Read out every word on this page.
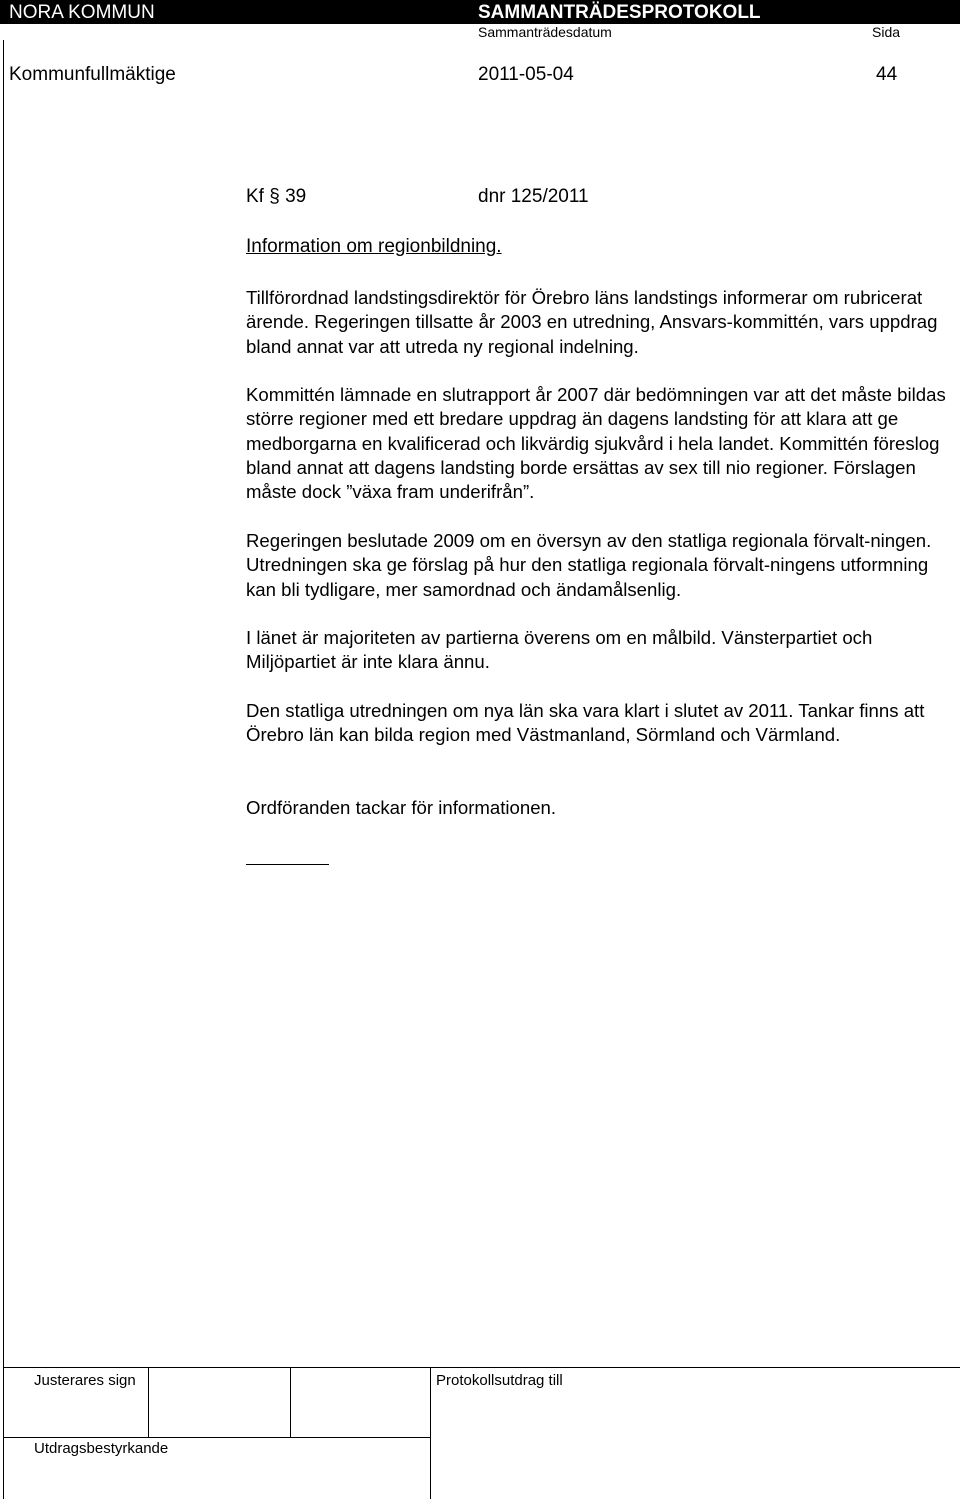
NORA KOMMUN	SAMMANTRÄDESPROTOKOLL
Sammanträdesdatum	Sida
Kommunfullmäktige	2011-05-04	44
Kf § 39	dnr 125/2011
Information om regionbildning.
Tillförordnad landstingsdirektör för Örebro läns landstings informerar om rubricerat ärende. Regeringen tillsatte år 2003 en utredning, Ansvars-kommittén, vars uppdrag bland annat var att utreda ny regional indelning.
Kommittén lämnade en slutrapport år 2007 där bedömningen var att det måste bildas större regioner med ett bredare uppdrag än dagens landsting för att klara att ge medborgarna en kvalificerad och likvärdig sjukvård i hela landet. Kommittén föreslog bland annat att dagens landsting borde ersättas av sex till nio regioner. Förslagen måste dock ”växa fram underifrån”.
Regeringen beslutade 2009 om en översyn av den statliga regionala förvalt-ningen. Utredningen ska ge förslag på hur den statliga regionala förvalt-ningens utformning kan bli tydligare, mer samordnad och ändamålsenlig.
I länet är majoriteten av partierna överens om en målbild. Vänsterpartiet och Miljöpartiet är inte klara ännu.
Den statliga utredningen om nya län ska vara klart i slutet av 2011. Tankar finns att Örebro län kan bilda region med Västmanland, Sörmland och Värmland.
Ordföranden tackar för informationen.
Justerares sign	Protokollsutdrag till
Utdragsbestyrkande
